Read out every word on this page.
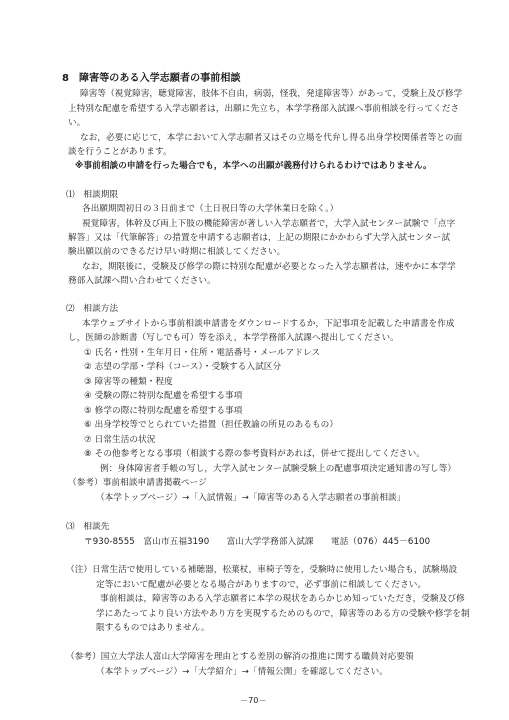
8 障害等のある入学志願者の事前相談
障害等（視覚障害，聴覚障害，肢体不自由，病弱，怪我，発達障害等）があって，受験上及び修学
上特別な配慮を希望する入学志願者は，出願に先立ち，本学学務部入試課へ事前相談を行ってくださ
い。
なお，必要に応じて，本学において入学志願者又はその立場を代弁し得る出身学校関係者等との面
談を行うことがあります。
※事前相談の申請を行った場合でも，本学への出願が義務付けられるわけではありません。
⑴　相談期限
各出願期間初日の３日前まで（土日祝日等の大学休業日を除く。）
視覚障害，体幹及び両上下肢の機能障害が著しい入学志願者で，大学入試センター試験で「点字
解答」又は「代筆解答」の措置を申請する志願者は，上記の期限にかかわらず大学入試センター試
験出願以前のできるだけ早い時期に相談してください。
なお，期限後に，受験及び修学の際に特別な配慮が必要となった入学志願者は，速やかに本学学
務部入試課へ問い合わせてください。
⑵　相談方法
本学ウェブサイトから事前相談申請書をダウンロードするか，下記事項を記載した申請書を作成
し，医師の診断書（写しでも可）等を添え，本学学務部入試課へ提出してください。
① 氏名・性別・生年月日・住所・電話番号・メールアドレス
② 志望の学部・学科（コース）・受験する入試区分
③ 障害等の種類・程度
④ 受験の際に特別な配慮を希望する事項
⑤ 修学の際に特別な配慮を希望する事項
⑥ 出身学校等でとられていた措置（担任教諭の所見のあるもの）
⑦ 日常生活の状況
⑧ その他参考となる事項（相談する際の参考資料があれば，併せて提出してください。
例：身体障害者手帳の写し，大学入試センター試験受験上の配慮事項決定通知書の写し等）
（参考）事前相談申請書掲載ページ
（本学トップページ）→「入試情報」→「障害等のある入学志願者の事前相談」
⑶　相談先
〒930-8555　富山市五福3190　　富山大学学務部入試課　　電話（076）445－6100
（注）日常生活で使用している補聴器，松葉杖，車椅子等を，受験時に使用したい場合も，試験場設
定等において配慮が必要となる場合がありますので，必ず事前に相談してください。
事前相談は，障害等のある入学志願者に本学の現状をあらかじめ知っていただき，受験及び修
学にあたってより良い方法やあり方を実現するためのもので，障害等のある方の受験や修学を制
限するものではありません。
（参考）国立大学法人富山大学障害を理由とする差別の解消の推進に関する職員対応要領
（本学トップページ）→「大学紹介」→「情報公開」を確認してください。
－70－
